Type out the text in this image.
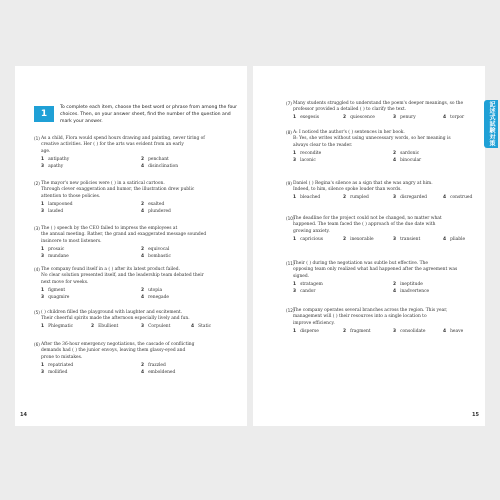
記述式試験対策
1
To complete each item, choose the best word or phrase from among the four choices. Then, on your answer sheet, find the number of the question and mark your answer.
(1) As a child, Flora would spend hours drawing and painting, never tiring of
creative activities. Her ( ) for the arts was evident from an early
age.
1 antipathy	2 penchant
3 apathy	4 disinclination
(2) The mayor's new policies were ( ) in a satirical cartoon.
Through clever exaggeration and humor, the illustration drew public
attention to those policies.
1 lampooned	2 exalted
3 lauded	4 plundered
(3) The ( ) speech by the CEO failed to impress the employees at
the annual meeting. Rather, the grand and exaggerated message sounded
insincere to most listeners.
1 prosaic	2 equivocal
3 mundane	4 bombastic
(4) The company found itself in a ( ) after its latest product failed.
No clear solution presented itself, and the leadership team debated their
next move for weeks.
1 figment	2 utopia
3 quagmire	4 renegade
(5) ( ) children filled the playground with laughter and excitement.
Their cheerful spirits made the afternoon especially lively and fun.
1 Phlegmatic	2 Ebullient	3 Corpulent	4 Static
(6) After the 36-hour emergency negotiations, the cascade of conflicting
demands had ( ) the junior envoys, leaving them glassy-eyed and
prone to mistakes.
1 repatriated	2 frazzled
3 mollified	4 emboldened
(7) Many students struggled to understand the poem's deeper meanings, so the
professor provided a detailed ( ) to clarify the text.
1 exegesis	2 quiescence	3 penury	4 torpor
(8) A: I noticed the author's ( ) sentences in her book.
B: Yes, she writes without using unnecessary words, so her meaning is
always clear to the reader.
1 recondite	2 sardonic
3 laconic	4 binocular
(9) Daniel ( ) Regina's silence as a sign that she was angry at him.
Indeed, to him, silence spoke louder than words.
1 bleached	2 rumpled	3 disregarded	4 construed
(10)
The deadline for the project could not be changed, no matter what
happened. The team faced the ( ) approach of the due date with
growing anxiety.
1 capricious	2 inexorable	3 transient	4 pliable
(11)
Their ( ) during the negotiation was subtle but effective. The
opposing team only realized what had happened after the agreement was
signed.
1 stratagem	2 ineptitude
3 candor	4 inadvertence
(12)
The company operates several branches across the region. This year,
management will ( ) their resources into a single location to
improve efficiency.
1 disperse	2 fragment	3 consolidate	4 heave
14	15
